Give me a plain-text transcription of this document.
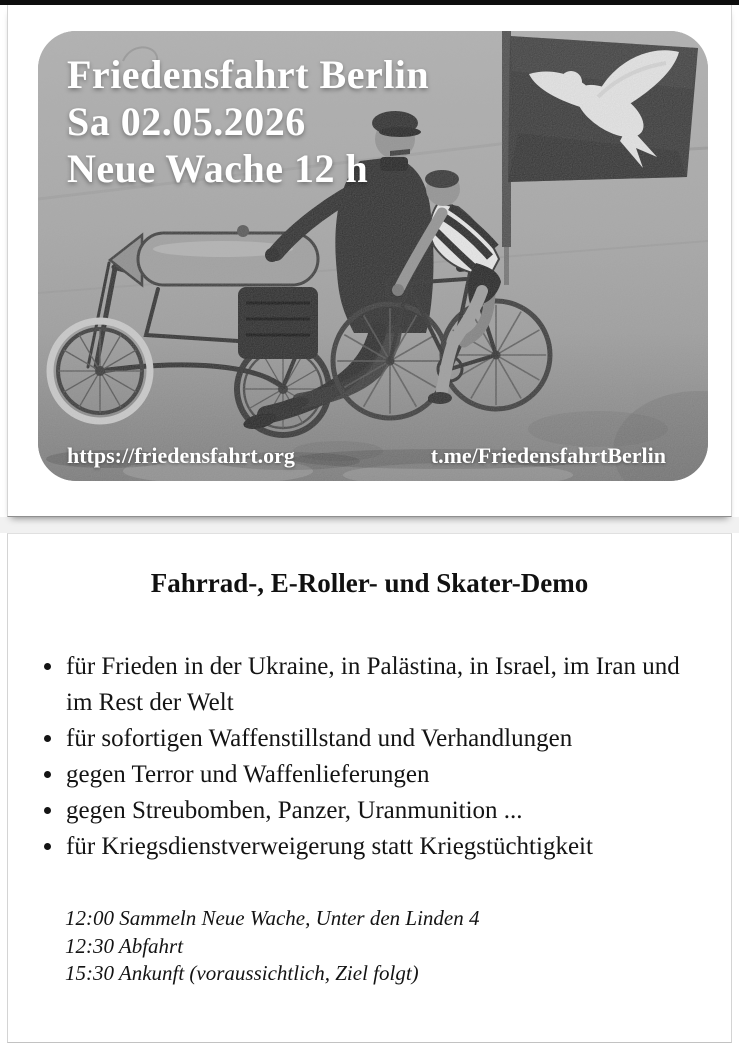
Friedensfahrt Berlin
Sa 02.05.2026
Neue Wache 12 h
https://friedensfahrt.org	t.me/FriedensfahrtBerlin
Fahrrad-, E-Roller- und Skater-Demo
• für Frieden in der Ukraine, in Palästina, in Israel, im Iran und im Rest der Welt
• für sofortigen Waffenstillstand und Verhandlungen
• gegen Terror und Waffenlieferungen
• gegen Streubomben, Panzer, Uranmunition ...
• für Kriegsdienstverweigerung statt Kriegstüchtigkeit
12:00 Sammeln Neue Wache, Unter den Linden 4
12:30 Abfahrt
15:30 Ankunft (voraussichtlich, Ziel folgt)
